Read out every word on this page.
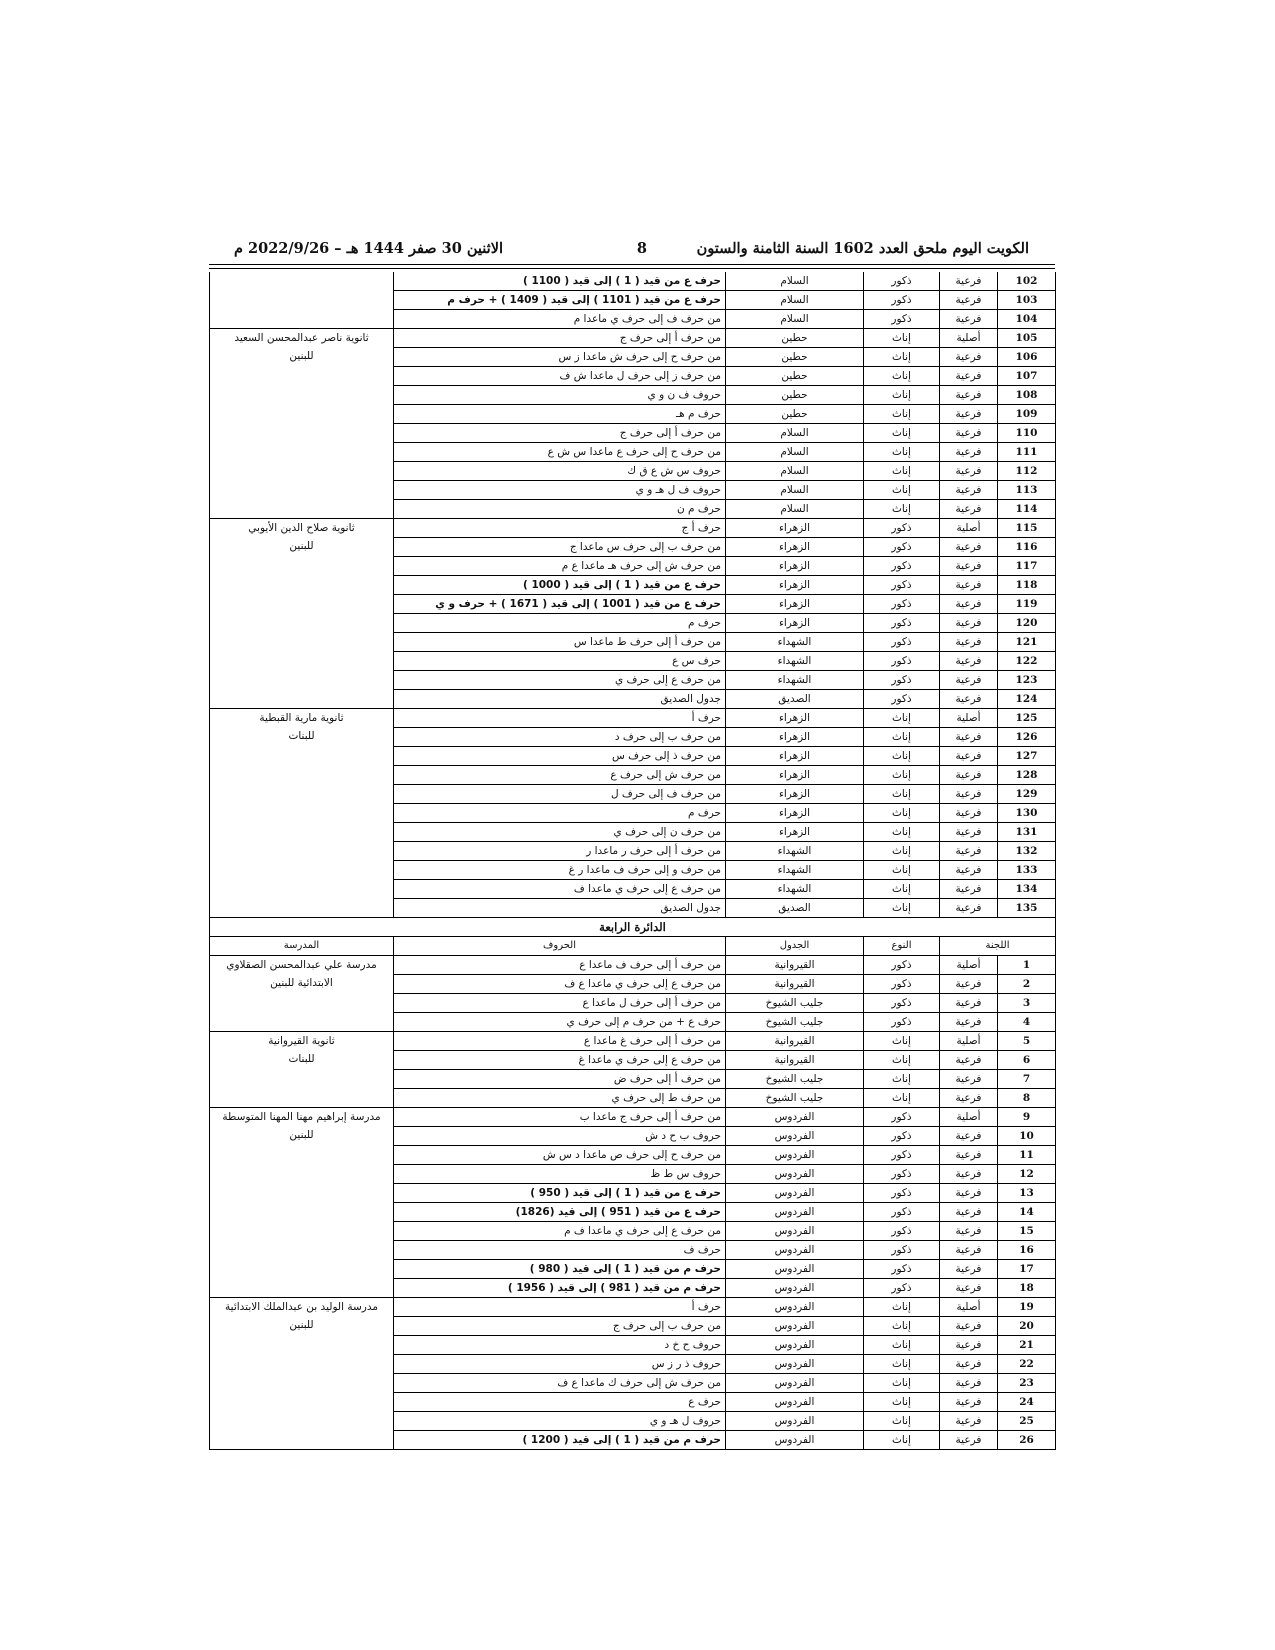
الكويت اليوم ملحق العدد 1602 السنة الثامنة والستون
8
الاثنين 30 صفر 1444 هـ – 2022/9/26 م
102	فرعية	ذكور	السلام	حرف ع من قيد ( 1 ) إلى قيد ( 1100 )	
103	فرعية	ذكور	السلام	حرف ع من قيد ( 1101 ) إلى قيد ( 1409 ) + حرف م	
104	فرعية	ذكور	السلام	من حرف ف إلى حرف ي ماعدا م	
105	أصلية	إناث	حطين	من حرف أ إلى حرف ج	ثانوية ناصر عبدالمحسن السعيد
للبنين
106	فرعية	إناث	حطين	من حرف ح إلى حرف ش ماعدا ز س	
107	فرعية	إناث	حطين	من حرف ز إلى حرف ل ماعدا ش ف	
108	فرعية	إناث	حطين	حروف ف ن و ي	
109	فرعية	إناث	حطين	حرف م هـ	
110	فرعية	إناث	السلام	من حرف أ إلى حرف ج	
111	فرعية	إناث	السلام	من حرف ح إلى حرف ع ماعدا س ش ع	
112	فرعية	إناث	السلام	حروف س ش ع ق ك	
113	فرعية	إناث	السلام	حروف ف ل هـ و ي	
114	فرعية	إناث	السلام	حرف م ن	
115	أصلية	ذكور	الزهراء	حرف أ ج	ثانوية صلاح الدين الأيوبي
للبنين
116	فرعية	ذكور	الزهراء	من حرف ب إلى حرف س ماعدا ج	
117	فرعية	ذكور	الزهراء	من حرف ش إلى حرف هـ ماعدا ع م	
118	فرعية	ذكور	الزهراء	حرف ع من قيد ( 1 ) إلى قيد ( 1000 )	
119	فرعية	ذكور	الزهراء	حرف ع من قيد ( 1001 ) إلى قيد ( 1671 ) + حرف و ي	
120	فرعية	ذكور	الزهراء	حرف م	
121	فرعية	ذكور	الشهداء	من حرف أ إلى حرف ط ماعدا س	
122	فرعية	ذكور	الشهداء	حرف س ع	
123	فرعية	ذكور	الشهداء	من حرف ع إلى حرف ي	
124	فرعية	ذكور	الصديق	جدول الصديق	
125	أصلية	إناث	الزهراء	حرف أ	ثانوية مارية القبطية
للبنات
126	فرعية	إناث	الزهراء	من حرف ب إلى حرف د	
127	فرعية	إناث	الزهراء	من حرف ذ إلى حرف س	
128	فرعية	إناث	الزهراء	من حرف ش إلى حرف ع	
129	فرعية	إناث	الزهراء	من حرف ف إلى حرف ل	
130	فرعية	إناث	الزهراء	حرف م	
131	فرعية	إناث	الزهراء	من حرف ن إلى حرف ي	
132	فرعية	إناث	الشهداء	من حرف أ إلى حرف ر ماعدا ر	
133	فرعية	إناث	الشهداء	من حرف و إلى حرف ف ماعدا ر غ	
134	فرعية	إناث	الشهداء	من حرف ع إلى حرف ي ماعدا ف	
135	فرعية	إناث	الصديق	جدول الصديق	
الدائرة الرابعة					
اللجنة		النوع	الجدول	الحروف	المدرسة
1	أصلية	ذكور	القيروانية	من حرف أ إلى حرف ف ماعدا ع	مدرسة علي عبدالمحسن الصقلاوي
الابتدائية للبنين
2	فرعية	ذكور	القيروانية	من حرف ع إلى حرف ي ماعدا ع ف	
3	فرعية	ذكور	جليب الشيوخ	من حرف أ إلى حرف ل ماعدا ع	
4	فرعية	ذكور	جليب الشيوخ	حرف ع + من حرف م إلى حرف ي	
5	أصلية	إناث	القيروانية	من حرف أ إلى حرف غ ماعدا ع	ثانوية القيروانية
للبنات
6	فرعية	إناث	القيروانية	من حرف ع إلى حرف ي ماعدا غ	
7	فرعية	إناث	جليب الشيوخ	من حرف أ إلى حرف ض	
8	فرعية	إناث	جليب الشيوخ	من حرف ط إلى حرف ي	
9	أصلية	ذكور	الفردوس	من حرف أ إلى حرف ج ماعدا ب	مدرسة إبراهيم مهنا المهنا المتوسطة
للبنين
10	فرعية	ذكور	الفردوس	حروف ب ح د ش	
11	فرعية	ذكور	الفردوس	من حرف ح إلى حرف ص ماعدا د س ش	
12	فرعية	ذكور	الفردوس	حروف س ط ظ	
13	فرعية	ذكور	الفردوس	حرف ع من قيد ( 1 ) إلى قيد ( 950 )	
14	فرعية	ذكور	الفردوس	حرف ع من قيد ( 951 ) إلى قيد (1826)	
15	فرعية	ذكور	الفردوس	من حرف ع إلى حرف ي ماعدا ف م	
16	فرعية	ذكور	الفردوس	حرف ف	
17	فرعية	ذكور	الفردوس	حرف م من قيد ( 1 ) إلى قيد ( 980 )	
18	فرعية	ذكور	الفردوس	حرف م من قيد ( 981 ) إلى قيد ( 1956 )	
19	أصلية	إناث	الفردوس	حرف أ	مدرسة الوليد بن عبدالملك الابتدائية
للبنين
20	فرعية	إناث	الفردوس	من حرف ب إلى حرف ج	
21	فرعية	إناث	الفردوس	حروف ح خ د	
22	فرعية	إناث	الفردوس	حروف ذ ر ز س	
23	فرعية	إناث	الفردوس	من حرف ش إلى حرف ك ماعدا ع ف	
24	فرعية	إناث	الفردوس	حرف ع	
25	فرعية	إناث	الفردوس	حروف ل هـ و ي	
26	فرعية	إناث	الفردوس	حرف م من قيد ( 1 ) إلى قيد ( 1200 )	
